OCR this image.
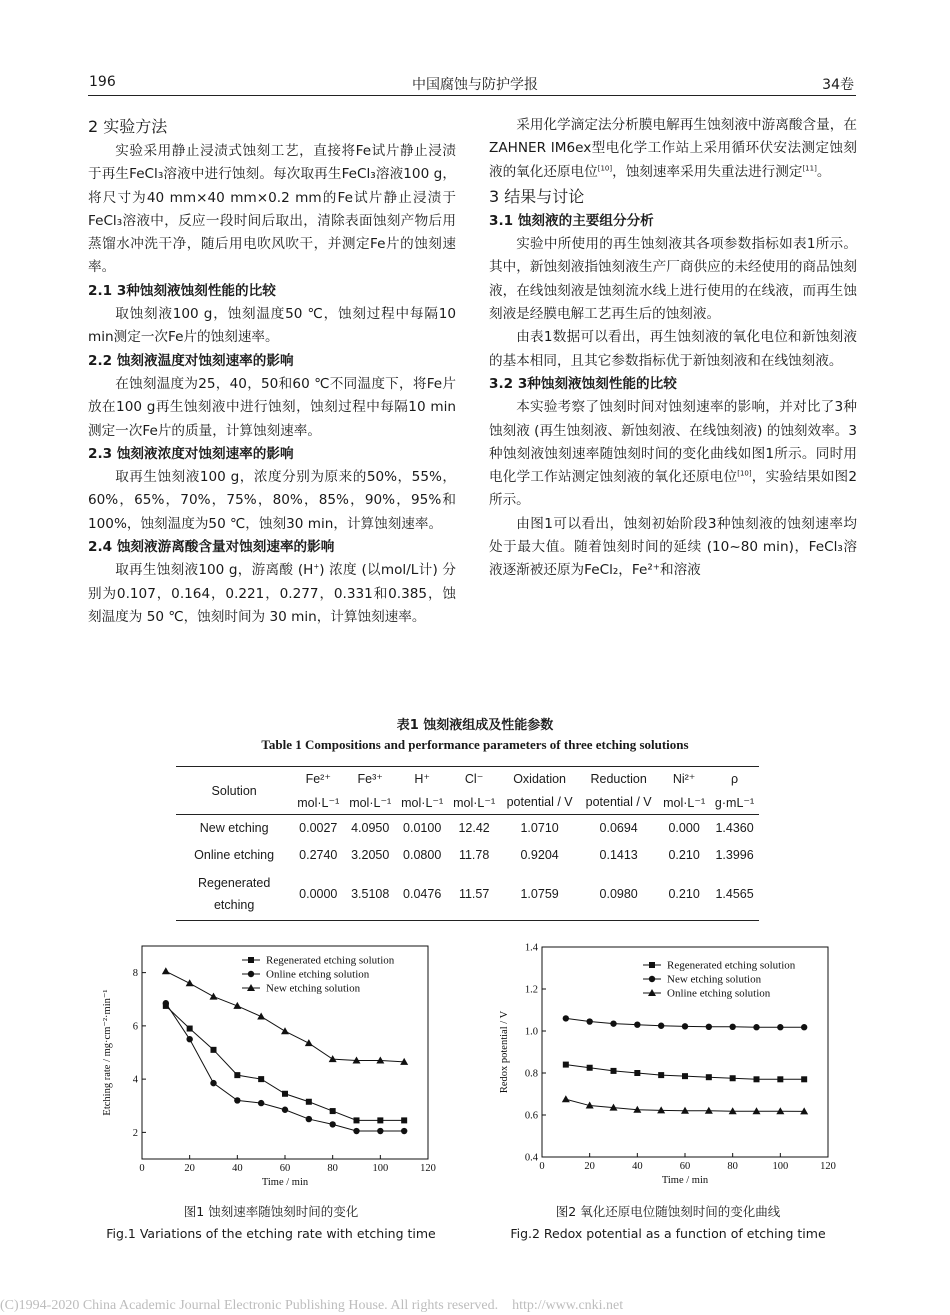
196	中国腐蚀与防护学报	34卷

2 实验方法

实验采用静止浸渍式蚀刻工艺，直接将Fe试片静止浸渍于再生FeCl₃溶液中进行蚀刻。每次取再生FeCl₃溶液100 g，将尺寸为40 mm×40 mm×0.2 mm的Fe试片静止浸渍于FeCl₃溶液中，反应一段时间后取出，清除表面蚀刻产物后用蒸馏水冲洗干净，随后用电吹风吹干，并测定Fe片的蚀刻速率。

2.1 3种蚀刻液蚀刻性能的比较

取蚀刻液100 g，蚀刻温度50 ℃，蚀刻过程中每隔10 min测定一次Fe片的蚀刻速率。

2.2 蚀刻液温度对蚀刻速率的影响

在蚀刻温度为25，40，50和60 ℃不同温度下，将Fe片放在100 g再生蚀刻液中进行蚀刻，蚀刻过程中每隔10 min测定一次Fe片的质量，计算蚀刻速率。

2.3 蚀刻液浓度对蚀刻速率的影响

取再生蚀刻液100 g，浓度分别为原来的50%，55%，60%，65%，70%，75%，80%，85%，90%，95%和100%，蚀刻温度为50 ℃，蚀刻30 min，计算蚀刻速率。

2.4 蚀刻液游离酸含量对蚀刻速率的影响

取再生蚀刻液100 g，游离酸 (H+) 浓度 (以mol/L计) 分别为0.107，0.164，0.221，0.277，0.331和0.385，蚀刻温度为 50 ℃，蚀刻时间为 30 min，计算蚀刻速率。

采用化学滴定法分析膜电解再生蚀刻液中游离酸含量，在ZAHNER IM6ex型电化学工作站上采用循环伏安法测定蚀刻液的氧化还原电位[10]，蚀刻速率采用失重法进行测定[11]。

3 结果与讨论

3.1 蚀刻液的主要组分分析

实验中所使用的再生蚀刻液其各项参数指标如表1所示。其中，新蚀刻液指蚀刻液生产厂商供应的未经使用的商品蚀刻液，在线蚀刻液是蚀刻流水线上进行使用的在线液，而再生蚀刻液是经膜电解工艺再生后的蚀刻液。

由表1数据可以看出，再生蚀刻液的氧化电位和新蚀刻液的基本相同，且其它参数指标优于新蚀刻液和在线蚀刻液。

3.2 3种蚀刻液蚀刻性能的比较

本实验考察了蚀刻时间对蚀刻速率的影响，并对比了3种蚀刻液 (再生蚀刻液、新蚀刻液、在线蚀刻液) 的蚀刻效率。3种蚀刻液蚀刻速率随蚀刻时间的变化曲线如图1所示。同时用电化学工作站测定蚀刻液的氧化还原电位[10]，实验结果如图2所示。

由图1可以看出，蚀刻初始阶段3种蚀刻液的蚀刻速率均处于最大值。随着蚀刻时间的延续 (10~80 min)，FeCl₃溶液逐渐被还原为FeCl₂，Fe²⁺和溶液

表1 蚀刻液组成及性能参数
Table 1 Compositions and performance parameters of three etching solutions
Solution	Fe²⁺	Fe³⁺	H⁺	Cl⁻	Oxidation	Reduction	Ni²⁺	ρ
	mol·L⁻¹	mol·L⁻¹	mol·L⁻¹	mol·L⁻¹	potential / V	potential / V	mol·L⁻¹	g·mL⁻¹
New etching	0.0027	4.0950	0.0100	12.42	1.0710	0.0694	0.000	1.4360
Online etching	0.2740	3.2050	0.0800	11.78	0.9204	0.1413	0.210	1.3996
Regenerated etching	0.0000	3.5108	0.0476	11.57	1.0759	0.0980	0.210	1.4565
0	20	40	60	80	100	120
2
4
6
8
Time / min
Etching rate / mg·cm⁻²·min⁻¹
Regenerated etching solution
Online etching solution
New etching solution
图1 蚀刻速率随蚀刻时间的变化
Fig.1 Variations of the etching rate with etching time
0	20	40	60	80	100	120
0.4
0.6
0.8
1.0
1.2
1.4
Time / min
Redox potential / V
Regenerated etching solution
New etching solution
Online etching solution
图2 氧化还原电位随蚀刻时间的变化曲线
Fig.2 Redox potential as a function of etching time
(C)1994-2020 China Academic Journal Electronic Publishing House. All rights reserved. http://www.cnki.net
